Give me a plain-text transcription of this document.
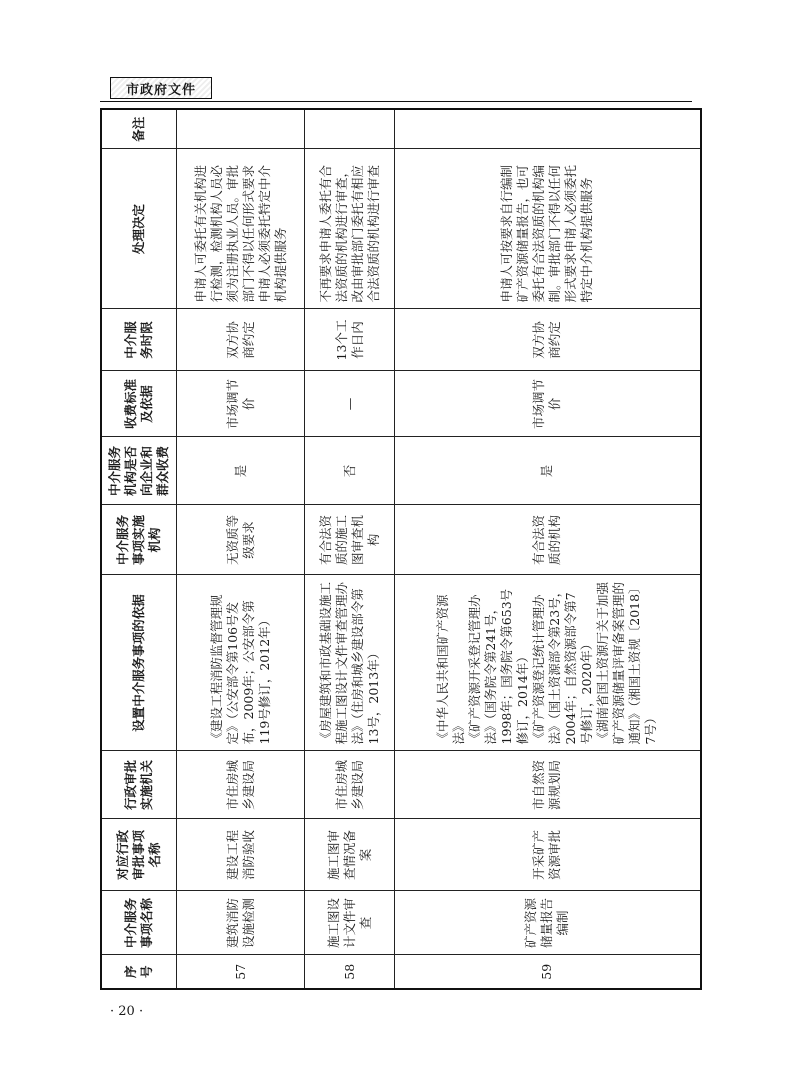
市政府文件
序号	中介服务事项名称	对应行政审批事项名称	行政审批实施机关	设置中介服务事项的依据	中介服务事项实施机构	中介服务机构是否向企业和群众收费	收费标准及依据	中介服务时限	处理决定	备注
57	建筑消防设施检测	建设工程消防验收	市住房城乡建设局	《建设工程消防监督管理规定》（公安部令第106号发布，2009年；公安部令第119号修订，2012年）	无资质等级要求	是	市场调节价	双方协商约定	申请人可委托有关机构进行检测，检测机构人员必须为注册执业人员。审批部门不得以任何形式要求申请人必须委托特定中介机构提供服务	
58	施工图设计文件审查	施工图审查情况备案	市住房城乡建设局	《房屋建筑和市政基础设施工程施工图设计文件审查管理办法》（住房和城乡建设部令第13号，2013年）	有合法资质的施工图审查机构	否	—	13个工作日内	不再要求申请人委托有合法资质的机构进行审查，改由审批部门委托有相应合法资质的机构进行审查	
59	矿产资源储量报告编制	开采矿产资源审批	市自然资源规划局	《中华人民共和国矿产资源法》 《矿产资源开采登记管理办法》（国务院令第241号，1998年；国务院令第653号修订，2014年） 《矿产资源登记统计管理办法》（国土资源部令第23号，2004年；自然资源部令第7号修订，2020年） 《湖南省国土资源厅关于加强矿产资源储量评审备案管理的通知》（湘国土资规〔2018〕7号）	有合法资质的机构	是	市场调节价	双方协商约定	申请人可按要求自行编制矿产资源储量报告，也可委托有合法资质的机构编制。审批部门不得以任何形式要求申请人必须委托特定中介机构提供服务	
· 20 ·
